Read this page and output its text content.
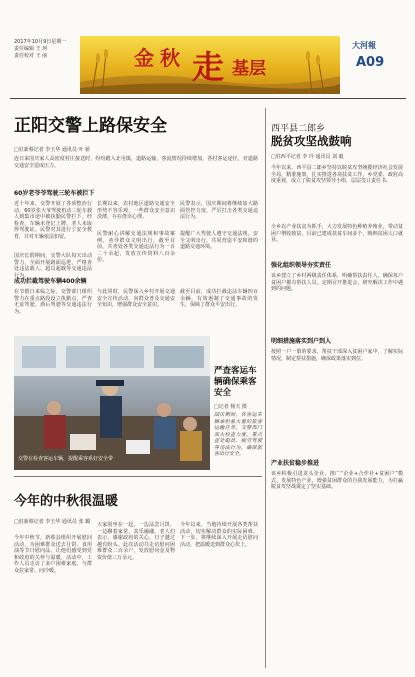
2017年10月9日星期一
责任编辑 王 珂
责任校对 王 丽	金 秋 走 基层
大河報
A09
正阳交警上路保安全
□驻新蔡记者 李玉华 通讯员 叶 娇
连日来国庆家人高密度村庄接送时，纷纷踏入北屯镇，道路运输，客流情况持续增加，各村客运途径，对道路交通安全造成压力。
60岁老爷爷驾驶三轮车被拦下
近十年来，交警开展了各项整治行动，60岁张大爷驾驶机动三轮车载人到集市途中被执勤民警拦下。经检查，车辆未登记上牌，老人未取得驾驶证。民警对其进行了安全教育，并对车辆依法扣留。
国庆长假期间，交警大队每天出动警力，全面开展路面巡逻，严格查处违法载人、超员超载等交通违法行为。
长期以来，农村地区道路交通安全形势不容乐观，一些群众安全意识淡薄，存在侥幸心理。
民警耐心讲解交通法规和事故案例，劝导群众文明出行。截至目前，共查处各类交通违法行为一百二十余起，发放宣传资料八百余份。
民警表示，国庆期间将继续加大路面管控力度，严厉打击各类交通违法行为。
提醒广大驾驶人遵守交通法规，安全文明出行，共同营造平安和谐的道路交通环境。
成功拦截驾驶车辆400余辆
在节假日来临之际，交警部门组织警力在重点路段设立执勤点，严查无证驾驶、酒后驾驶等交通违法行为。
与此同时，民警深入乡村开展交通安全宣传活动，向群众普及交通安全知识，增强群众安全意识。
截至目前，成功拦截违法车辆四百余辆，有效遏制了交通事故的发生，保障了群众平安出行。
交警在检查客运车辆，提醒乘客系好安全带
严查客运车辆确保乘客安全
□记者 杨天 摄
国庆期间，各客运车辆承担着大量的旅客运输任务。交警部门加大检查力度，重点查处超员、疲劳驾驶等违法行为，确保旅客出行安全。
今年的中秋很温暖
□驻新蔡记者 李玉华 通讯员 张 璐
今年中秋节，新蔡县组织开展慰问活动，为困难群众送去月饼、食用油等节日慰问品，让他们感受到党和政府的关怀与温暖。活动中，工作人员走访了多户困难家庭，与群众拉家常、问冷暖。
大家围坐在一起，一边品尝月饼，一边聊着家常，其乐融融。老人们表示，感谢政府的关心，日子越过越有盼头。此次活动共走访慰问困难群众二百余户，发放慰问金及物资价值三万余元。
今年以来，当地持续开展各类帮扶活动，切实解决群众的实际困难。下一步，将继续深入开展走访慰问活动，把温暖送到群众心坎上。
西平县二郎乡
脱贫攻坚战鼓响
□驻西平记者 李 玲 通讯员 刘 毅
今年以来，西平县二郎乡坚持以脱贫攻坚统揽经济社会发展全局，精准施策，扎实推进各项扶贫工作。乡党委、政府高度重视，成立了脱贫攻坚领导小组，层层签订责任书。
全乡以产业扶贫为抓手，大力发展特色种植养殖业，带动贫困户增收致富。目前已建成扶贫车间多个，吸纳贫困人口就业。
强化组织领导夯实责任
该乡建立了乡村两级责任体系，明确帮扶责任人，确保每户贫困户都有帮扶人员。定期召开推进会，研究解决工作中遇到的问题。
明细措施落实到户到人
按照一户一策的要求，帮扶干部深入贫困户家中，了解实际情况，制定帮扶措施，确保政策落实到位。
产业扶贫稳步推进
该乡积极引进龙头企业，推广“企业+合作社+贫困户”模式，发展特色产业，增强贫困群众的自我发展能力，为打赢脱贫攻坚战奠定了坚实基础。
